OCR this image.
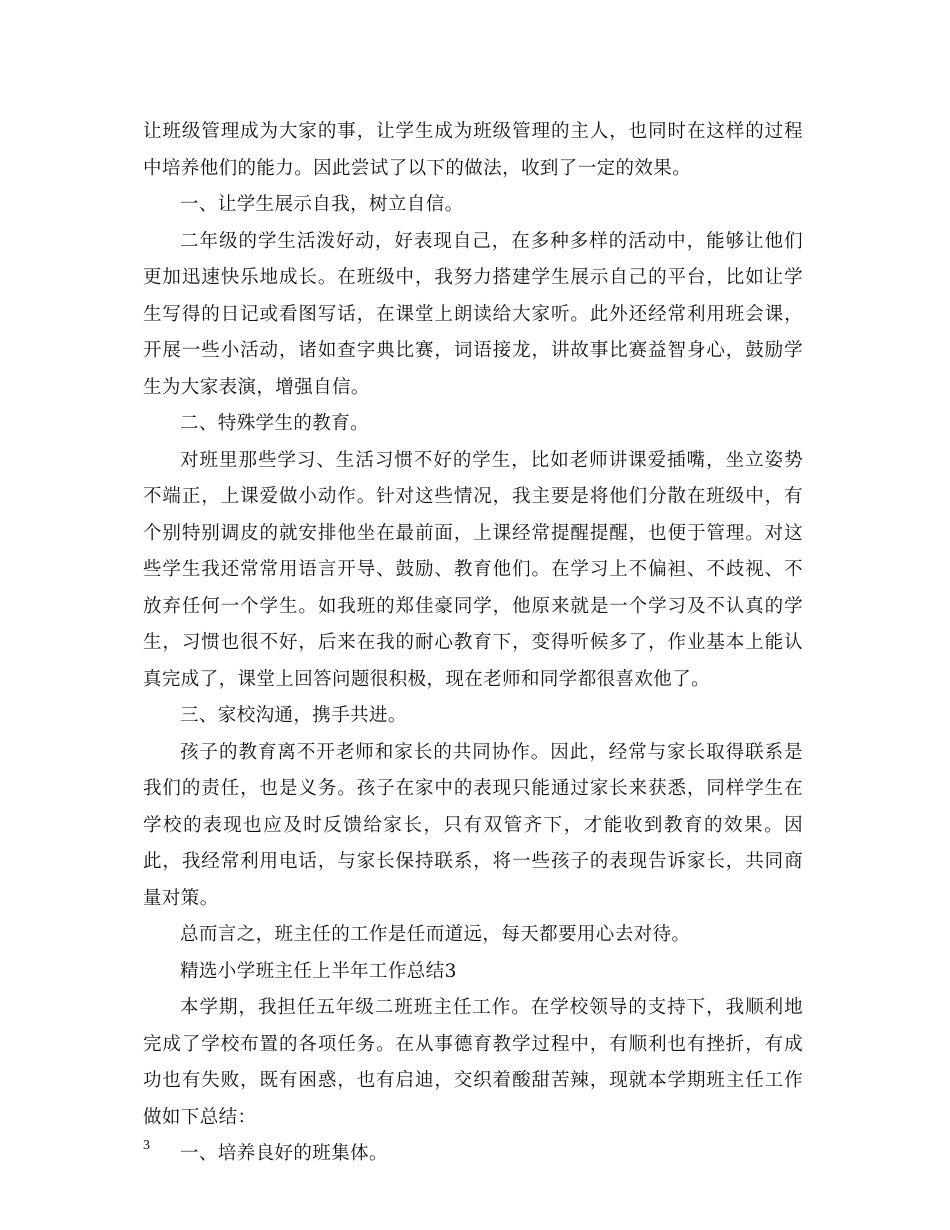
让班级管理成为大家的事，让学生成为班级管理的主人，也同时在这样的过程中培养他们的能力。因此尝试了以下的做法，收到了一定的效果。

一、让学生展示自我，树立自信。

二年级的学生活泼好动，好表现自己，在多种多样的活动中，能够让他们更加迅速快乐地成长。在班级中，我努力搭建学生展示自己的平台，比如让学生写得的日记或看图写话，在课堂上朗读给大家听。此外还经常利用班会课，开展一些小活动，诸如查字典比赛，词语接龙，讲故事比赛益智身心，鼓励学生为大家表演，增强自信。

二、特殊学生的教育。

对班里那些学习、生活习惯不好的学生，比如老师讲课爱插嘴，坐立姿势不端正，上课爱做小动作。针对这些情况，我主要是将他们分散在班级中，有个别特别调皮的就安排他坐在最前面，上课经常提醒提醒，也便于管理。对这些学生我还常常用语言开导、鼓励、教育他们。在学习上不偏袒、不歧视、不放弃任何一个学生。如我班的郑佳豪同学，他原来就是一个学习及不认真的学生，习惯也很不好，后来在我的耐心教育下，变得听候多了，作业基本上能认真完成了，课堂上回答问题很积极，现在老师和同学都很喜欢他了。

三、家校沟通，携手共进。

孩子的教育离不开老师和家长的共同协作。因此，经常与家长取得联系是我们的责任，也是义务。孩子在家中的表现只能通过家长来获悉，同样学生在学校的表现也应及时反馈给家长，只有双管齐下，才能收到教育的效果。因此，我经常利用电话，与家长保持联系，将一些孩子的表现告诉家长，共同商量对策。

总而言之，班主任的工作是任而道远，每天都要用心去对待。

精选小学班主任上半年工作总结3

本学期，我担任五年级二班班主任工作。在学校领导的支持下，我顺利地完成了学校布置的各项任务。在从事德育教学过程中，有顺利也有挫折，有成功也有失败，既有困惑，也有启迪，交织着酸甜苦辣，现就本学期班主任工作做如下总结：

一、培养良好的班集体。

3
